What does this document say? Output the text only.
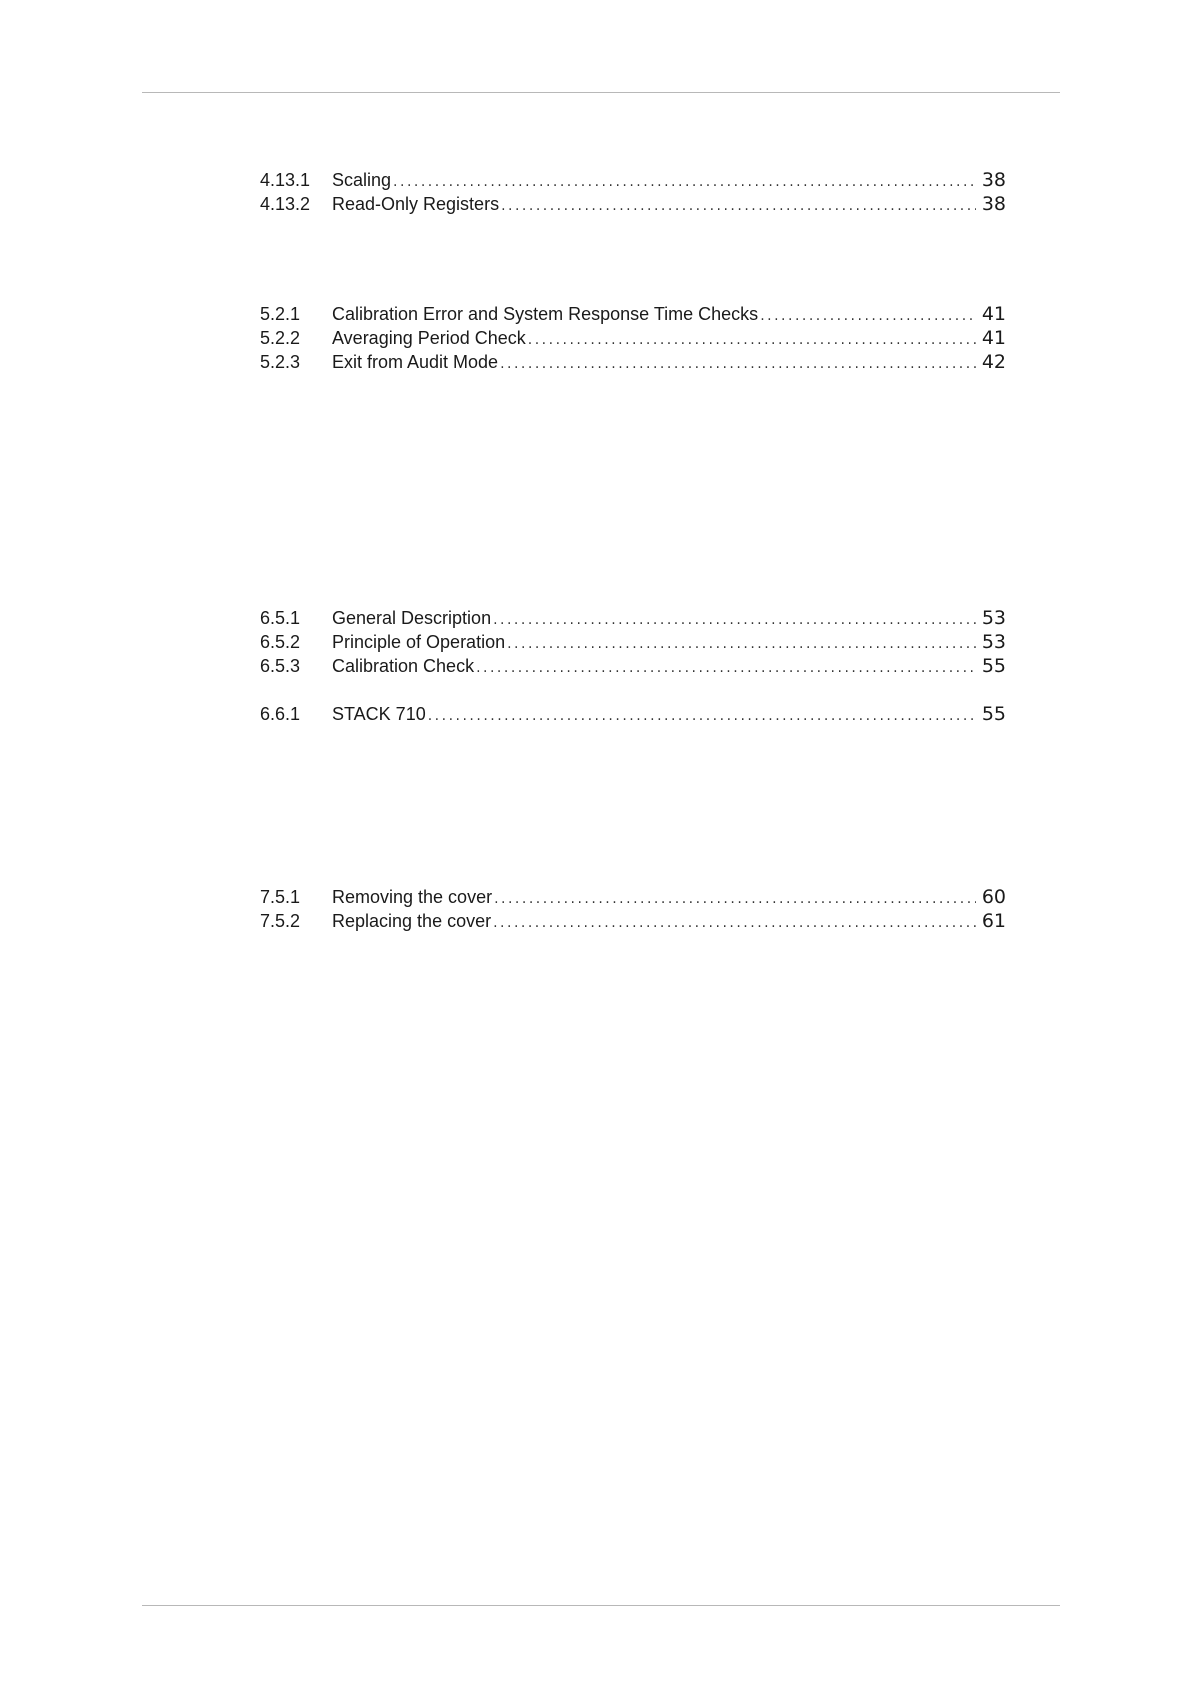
4.13.1	Scaling .....	38
4.13.2	Read-Only Registers .....	38
5.2.1	Calibration Error and System Response Time Checks .....	41
5.2.2	Averaging Period Check .....	41
5.2.3	Exit from Audit Mode .....	42
6.5.1	General Description .....	53
6.5.2	Principle of Operation .....	53
6.5.3	Calibration Check .....	55
6.6.1	STACK 710 .....	55
7.5.1	Removing the cover .....	60
7.5.2	Replacing the cover .....	61
